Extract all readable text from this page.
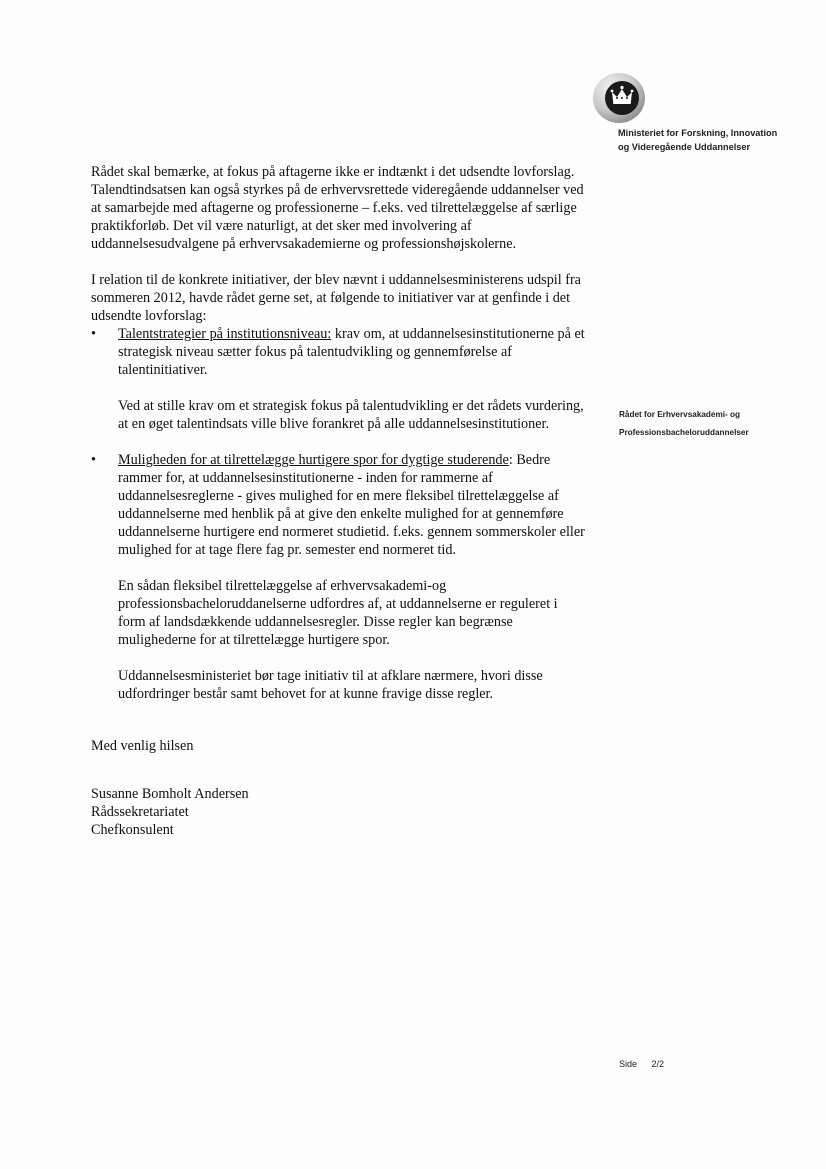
Ministeriet for Forskning, Innovation
og Videregående Uddannelser
Rådet for Erhvervsakademi- og
Professionsbacheloruddannelser

Rådet skal bemærke, at fokus på aftagerne ikke er indtænkt i det udsendte lovforslag. Talendtindsatsen kan også styrkes på de erhvervsrettede videregående uddannelser ved at samarbejde med aftagerne og professionerne – f.eks. ved tilrettelæggelse af særlige praktikforløb. Det vil være naturligt, at det sker med involvering af uddannelsesudvalgene på erhvervsakademierne og professionshøjskolerne.

I relation til de konkrete initiativer, der blev nævnt i uddannelsesministerens udspil fra sommeren 2012, havde rådet gerne set, at følgende to initiativer var at genfinde i det udsendte lovforslag:

• Talentstrategier på institutionsniveau: krav om, at uddannelsesinstitutionerne på et strategisk niveau sætter fokus på talentudvikling og gennemførelse af talentinitiativer.

Ved at stille krav om et strategisk fokus på talentudvikling er det rådets vurdering, at en øget talentindsats ville blive forankret på alle uddannelsesinstitutioner.

• Muligheden for at tilrettelægge hurtigere spor for dygtige studerende: Bedre rammer for, at uddannelsesinstitutionerne - inden for rammerne af uddannelsesreglerne - gives mulighed for en mere fleksibel tilrettelæggelse af uddannelserne med henblik på at give den enkelte mulighed for at gennemføre uddannelserne hurtigere end normeret studietid. f.eks. gennem sommerskoler eller mulighed for at tage flere fag pr. semester end normeret tid.

En sådan fleksibel tilrettelæggelse af erhvervsakademi-og professionsbacheloruddanelserne udfordres af, at uddannelserne er reguleret i form af landsdækkende uddannelsesregler. Disse regler kan begrænse mulighederne for at tilrettelægge hurtigere spor.

Uddannelsesministeriet bør tage initiativ til at afklare nærmere, hvori disse udfordringer består samt behovet for at kunne fravige disse regler.

Med venlig hilsen
Susanne Bomholt Andersen
Rådssekretariatet
Chefkonsulent
Side 2/2
